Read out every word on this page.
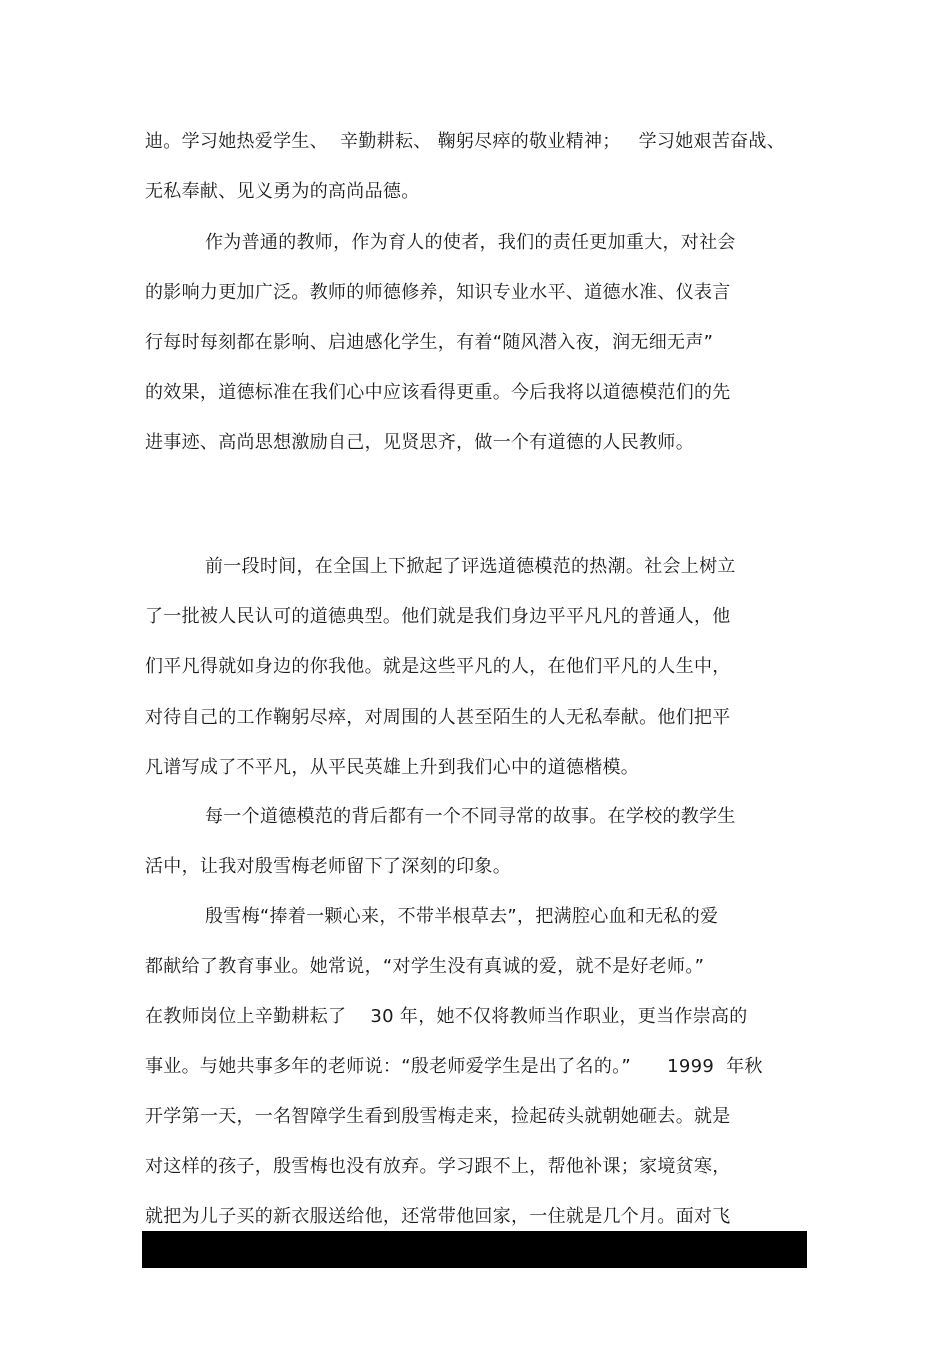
迪。学习她热爱学生、  辛勤耕耘、 鞠躬尽瘁的敬业精神；   学习她艰苦奋战、
无私奉献、见义勇为的高尚品德。
作为普通的教师，作为育人的使者，我们的责任更加重大，对社会
的影响力更加广泛。教师的师德修养，知识专业水平、道德水准、仪表言
行每时每刻都在影响、启迪感化学生，有着“随风潜入夜，润无细无声”
的效果，道德标准在我们心中应该看得更重。今后我将以道德模范们的先
进事迹、高尚思想激励自己，见贤思齐，做一个有道德的人民教师。
前一段时间，在全国上下掀起了评选道德模范的热潮。社会上树立
了一批被人民认可的道德典型。他们就是我们身边平平凡凡的普通人，他
们平凡得就如身边的你我他。就是这些平凡的人，在他们平凡的人生中，
对待自己的工作鞠躬尽瘁，对周围的人甚至陌生的人无私奉献。他们把平
凡谱写成了不平凡，从平民英雄上升到我们心中的道德楷模。
每一个道德模范的背后都有一个不同寻常的故事。在学校的教学生
活中，让我对殷雪梅老师留下了深刻的印象。
殷雪梅“捧着一颗心来，不带半根草去”，把满腔心血和无私的爱
都献给了教育事业。她常说，“对学生没有真诚的爱，就不是好老师。”
在教师岗位上辛勤耕耘了    30 年，她不仅将教师当作职业，更当作崇高的
事业。与她共事多年的老师说：“殷老师爱学生是出了名的。”      1999  年秋
开学第一天，一名智障学生看到殷雪梅走来，捡起砖头就朝她砸去。就是
对这样的孩子，殷雪梅也没有放弃。学习跟不上，帮他补课；家境贫寒，
就把为儿子买的新衣服送给他，还常带他回家，一住就是几个月。面对飞
